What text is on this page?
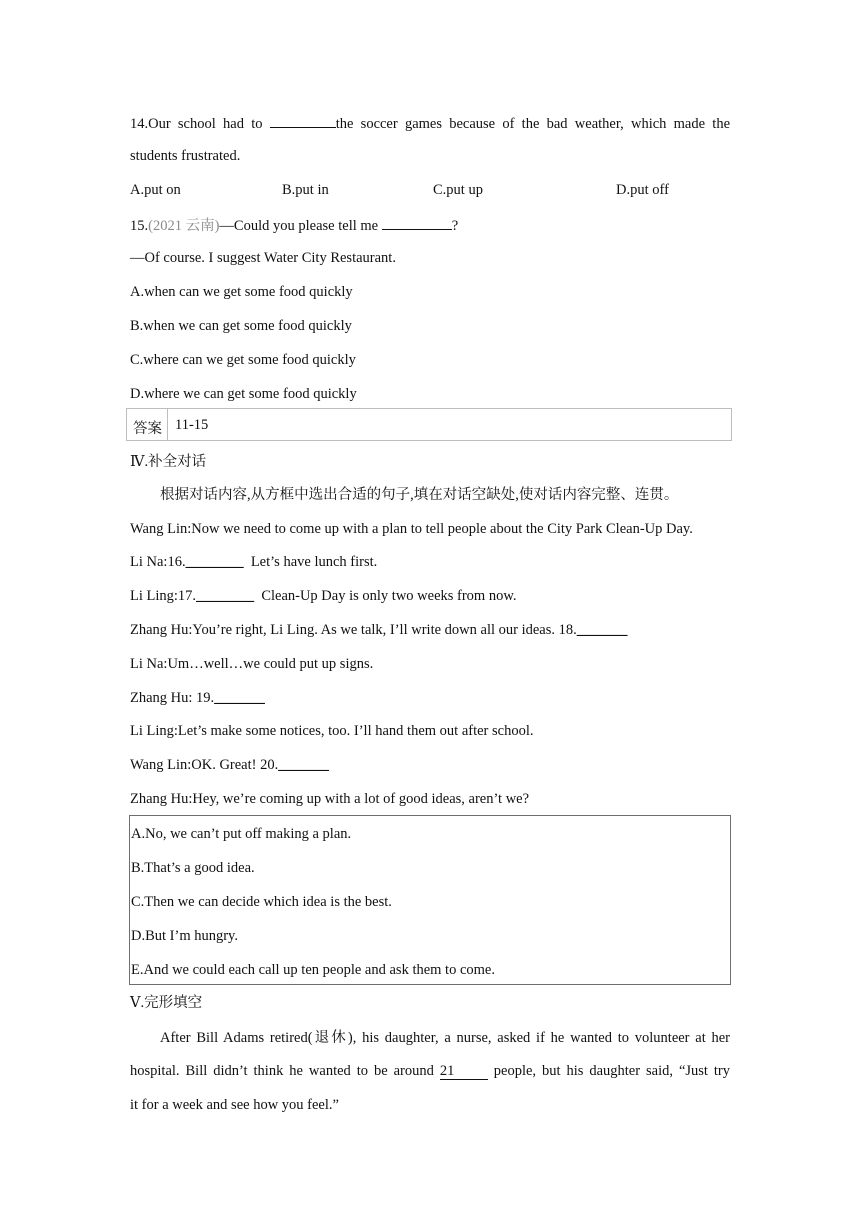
14.Our school had to	the soccer games because of the bad weather, which made the
students frustrated.
A.put on	B.put in	C.put up	D.put off
15.(2021 云南)—Could you please tell me	?
—Of course. I suggest Water City Restaurant.
A.when can we get some food quickly
B.when we can get some food quickly
C.where can we get some food quickly
D.where we can get some food quickly
答案 11-15
Ⅳ.补全对话
根据对话内容,从方框中选出合适的句子,填在对话空缺处,使对话内容完整、连贯。
Wang Lin:Now we need to come up with a plan to tell people about the City Park Clean-Up Day.
Li Na:16.________  Let’s have lunch first.
Li Ling:17.________  Clean-Up Day is only two weeks from now.
Zhang Hu:You’re right, Li Ling. As we talk, I’ll write down all our ideas. 18._______
Li Na:Um…well…we could put up signs.
Zhang Hu: 19._______
Li Ling:Let’s make some notices, too. I’ll hand them out after school.
Wang Lin:OK. Great! 20._______
Zhang Hu:Hey, we’re coming up with a lot of good ideas, aren’t we?
A.No, we can’t put off making a plan.
B.That’s a good idea.
C.Then we can decide which idea is the best.
D.But I’m hungry.
E.And we could each call up ten people and ask them to come.
Ⅴ.完形填空
After Bill Adams retired(退休), his daughter, a nurse, asked if he wanted to volunteer at her
hospital. Bill didn’t think he wanted to be around 21	people, but his daughter said, “Just try
it for a week and see how you feel.”
